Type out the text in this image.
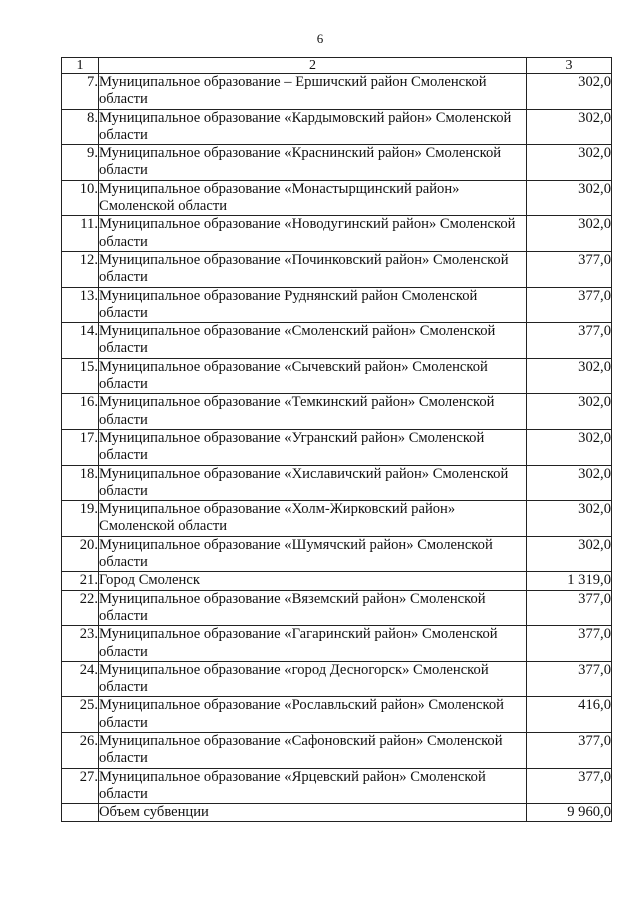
6
1	2	3
7.	Муниципальное образование – Ершичский район Смоленской области	302,0
8.	Муниципальное образование «Кардымовский район» Смоленской области	302,0
9.	Муниципальное образование «Краснинский район» Смоленской области	302,0
10.	Муниципальное образование «Монастырщинский район» Смоленской области	302,0
11.	Муниципальное образование «Новодугинский район» Смоленской области	302,0
12.	Муниципальное образование «Починковский район» Смоленской области	377,0
13.	Муниципальное образование Руднянский район Смоленской области	377,0
14.	Муниципальное образование «Смоленский район» Смоленской области	377,0
15.	Муниципальное образование «Сычевский район» Смоленской области	302,0
16.	Муниципальное образование «Темкинский район» Смоленской области	302,0
17.	Муниципальное образование «Угранский район» Смоленской области	302,0
18.	Муниципальное образование «Хиславичский район» Смоленской области	302,0
19.	Муниципальное образование «Холм-Жирковский район» Смоленской области	302,0
20.	Муниципальное образование «Шумячский район» Смоленской области	302,0
21.	Город Смоленск	1 319,0
22.	Муниципальное образование «Вяземский район» Смоленской области	377,0
23.	Муниципальное образование «Гагаринский район» Смоленской области	377,0
24.	Муниципальное образование «город Десногорск» Смоленской области	377,0
25.	Муниципальное образование «Рославльский район» Смоленской области	416,0
26.	Муниципальное образование «Сафоновский район» Смоленской области	377,0
27.	Муниципальное образование «Ярцевский район» Смоленской области	377,0
	Объем субвенции	9 960,0
